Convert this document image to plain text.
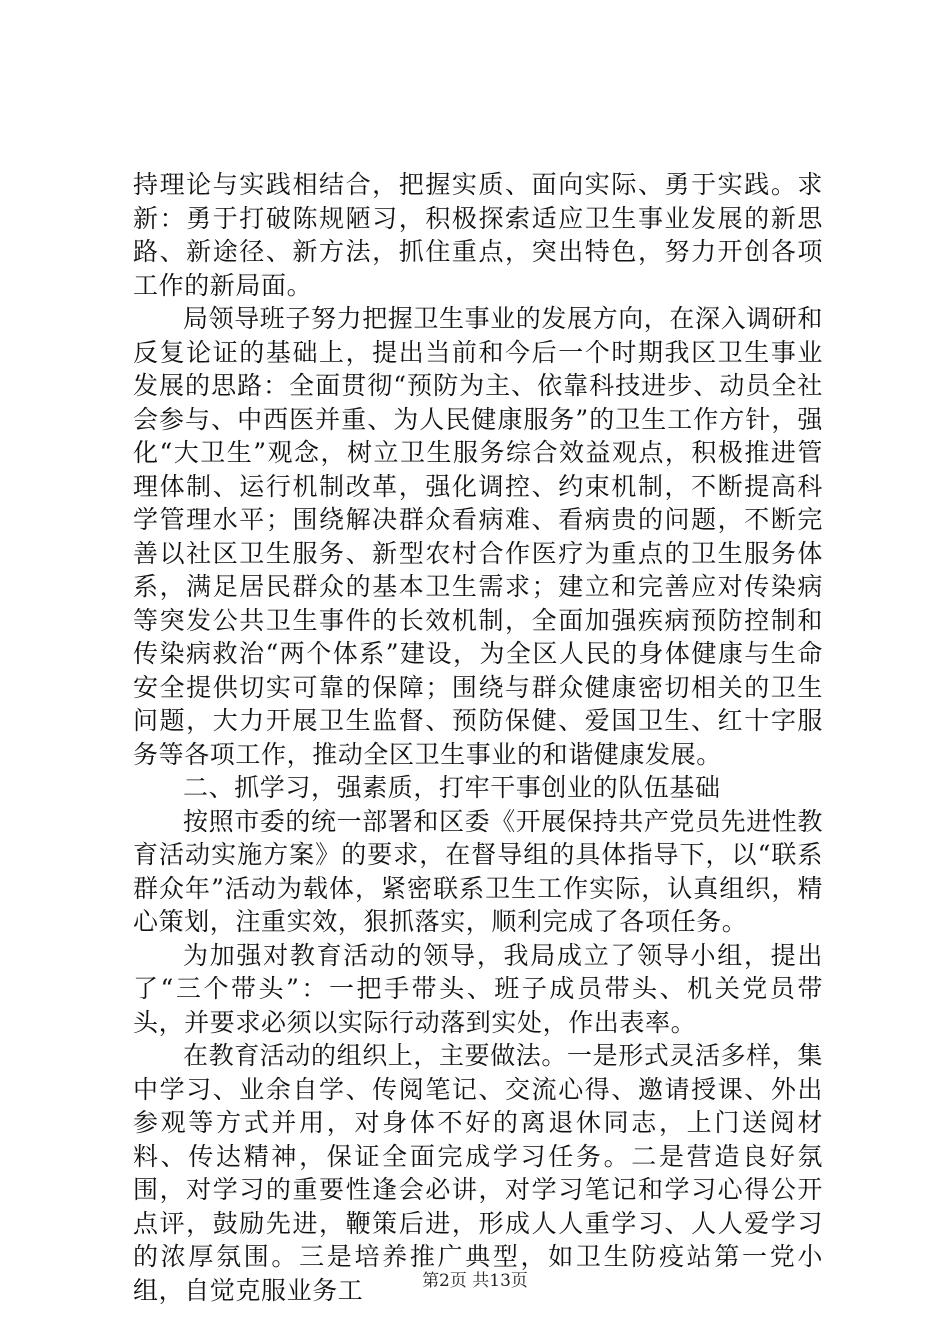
持理论与实践相结合，把握实质、面向实际、勇于实践。求新：勇于打破陈规陋习，积极探索适应卫生事业发展的新思路、新途径、新方法，抓住重点，突出特色，努力开创各项工作的新局面。

局领导班子努力把握卫生事业的发展方向，在深入调研和反复论证的基础上，提出当前和今后一个时期我区卫生事业发展的思路：全面贯彻“预防为主、依靠科技进步、动员全社会参与、中西医并重、为人民健康服务”的卫生工作方针，强化“大卫生”观念，树立卫生服务综合效益观点，积极推进管理体制、运行机制改革，强化调控、约束机制，不断提高科学管理水平；围绕解决群众看病难、看病贵的问题，不断完善以社区卫生服务、新型农村合作医疗为重点的卫生服务体系，满足居民群众的基本卫生需求；建立和完善应对传染病等突发公共卫生事件的长效机制，全面加强疾病预防控制和传染病救治“两个体系”建设，为全区人民的身体健康与生命安全提供切实可靠的保障；围绕与群众健康密切相关的卫生问题，大力开展卫生监督、预防保健、爱国卫生、红十字服务等各项工作，推动全区卫生事业的和谐健康发展。

二、抓学习，强素质，打牢干事创业的队伍基础

按照市委的统一部署和区委《开展保持共产党员先进性教育活动实施方案》的要求，在督导组的具体指导下，以“联系群众年”活动为载体，紧密联系卫生工作实际，认真组织，精心策划，注重实效，狠抓落实，顺利完成了各项任务。

为加强对教育活动的领导，我局成立了领导小组，提出了“三个带头”：一把手带头、班子成员带头、机关党员带头，并要求必须以实际行动落到实处，作出表率。

在教育活动的组织上，主要做法。一是形式灵活多样，集中学习、业余自学、传阅笔记、交流心得、邀请授课、外出参观等方式并用，对身体不好的离退休同志，上门送阅材料、传达精神，保证全面完成学习任务。二是营造良好氛围，对学习的重要性逢会必讲，对学习笔记和学习心得公开点评，鼓励先进，鞭策后进，形成人人重学习、人人爱学习的浓厚氛围。三是培养推广典型，如卫生防疫站第一党小组，自觉克服业务工	第2页 共13页
